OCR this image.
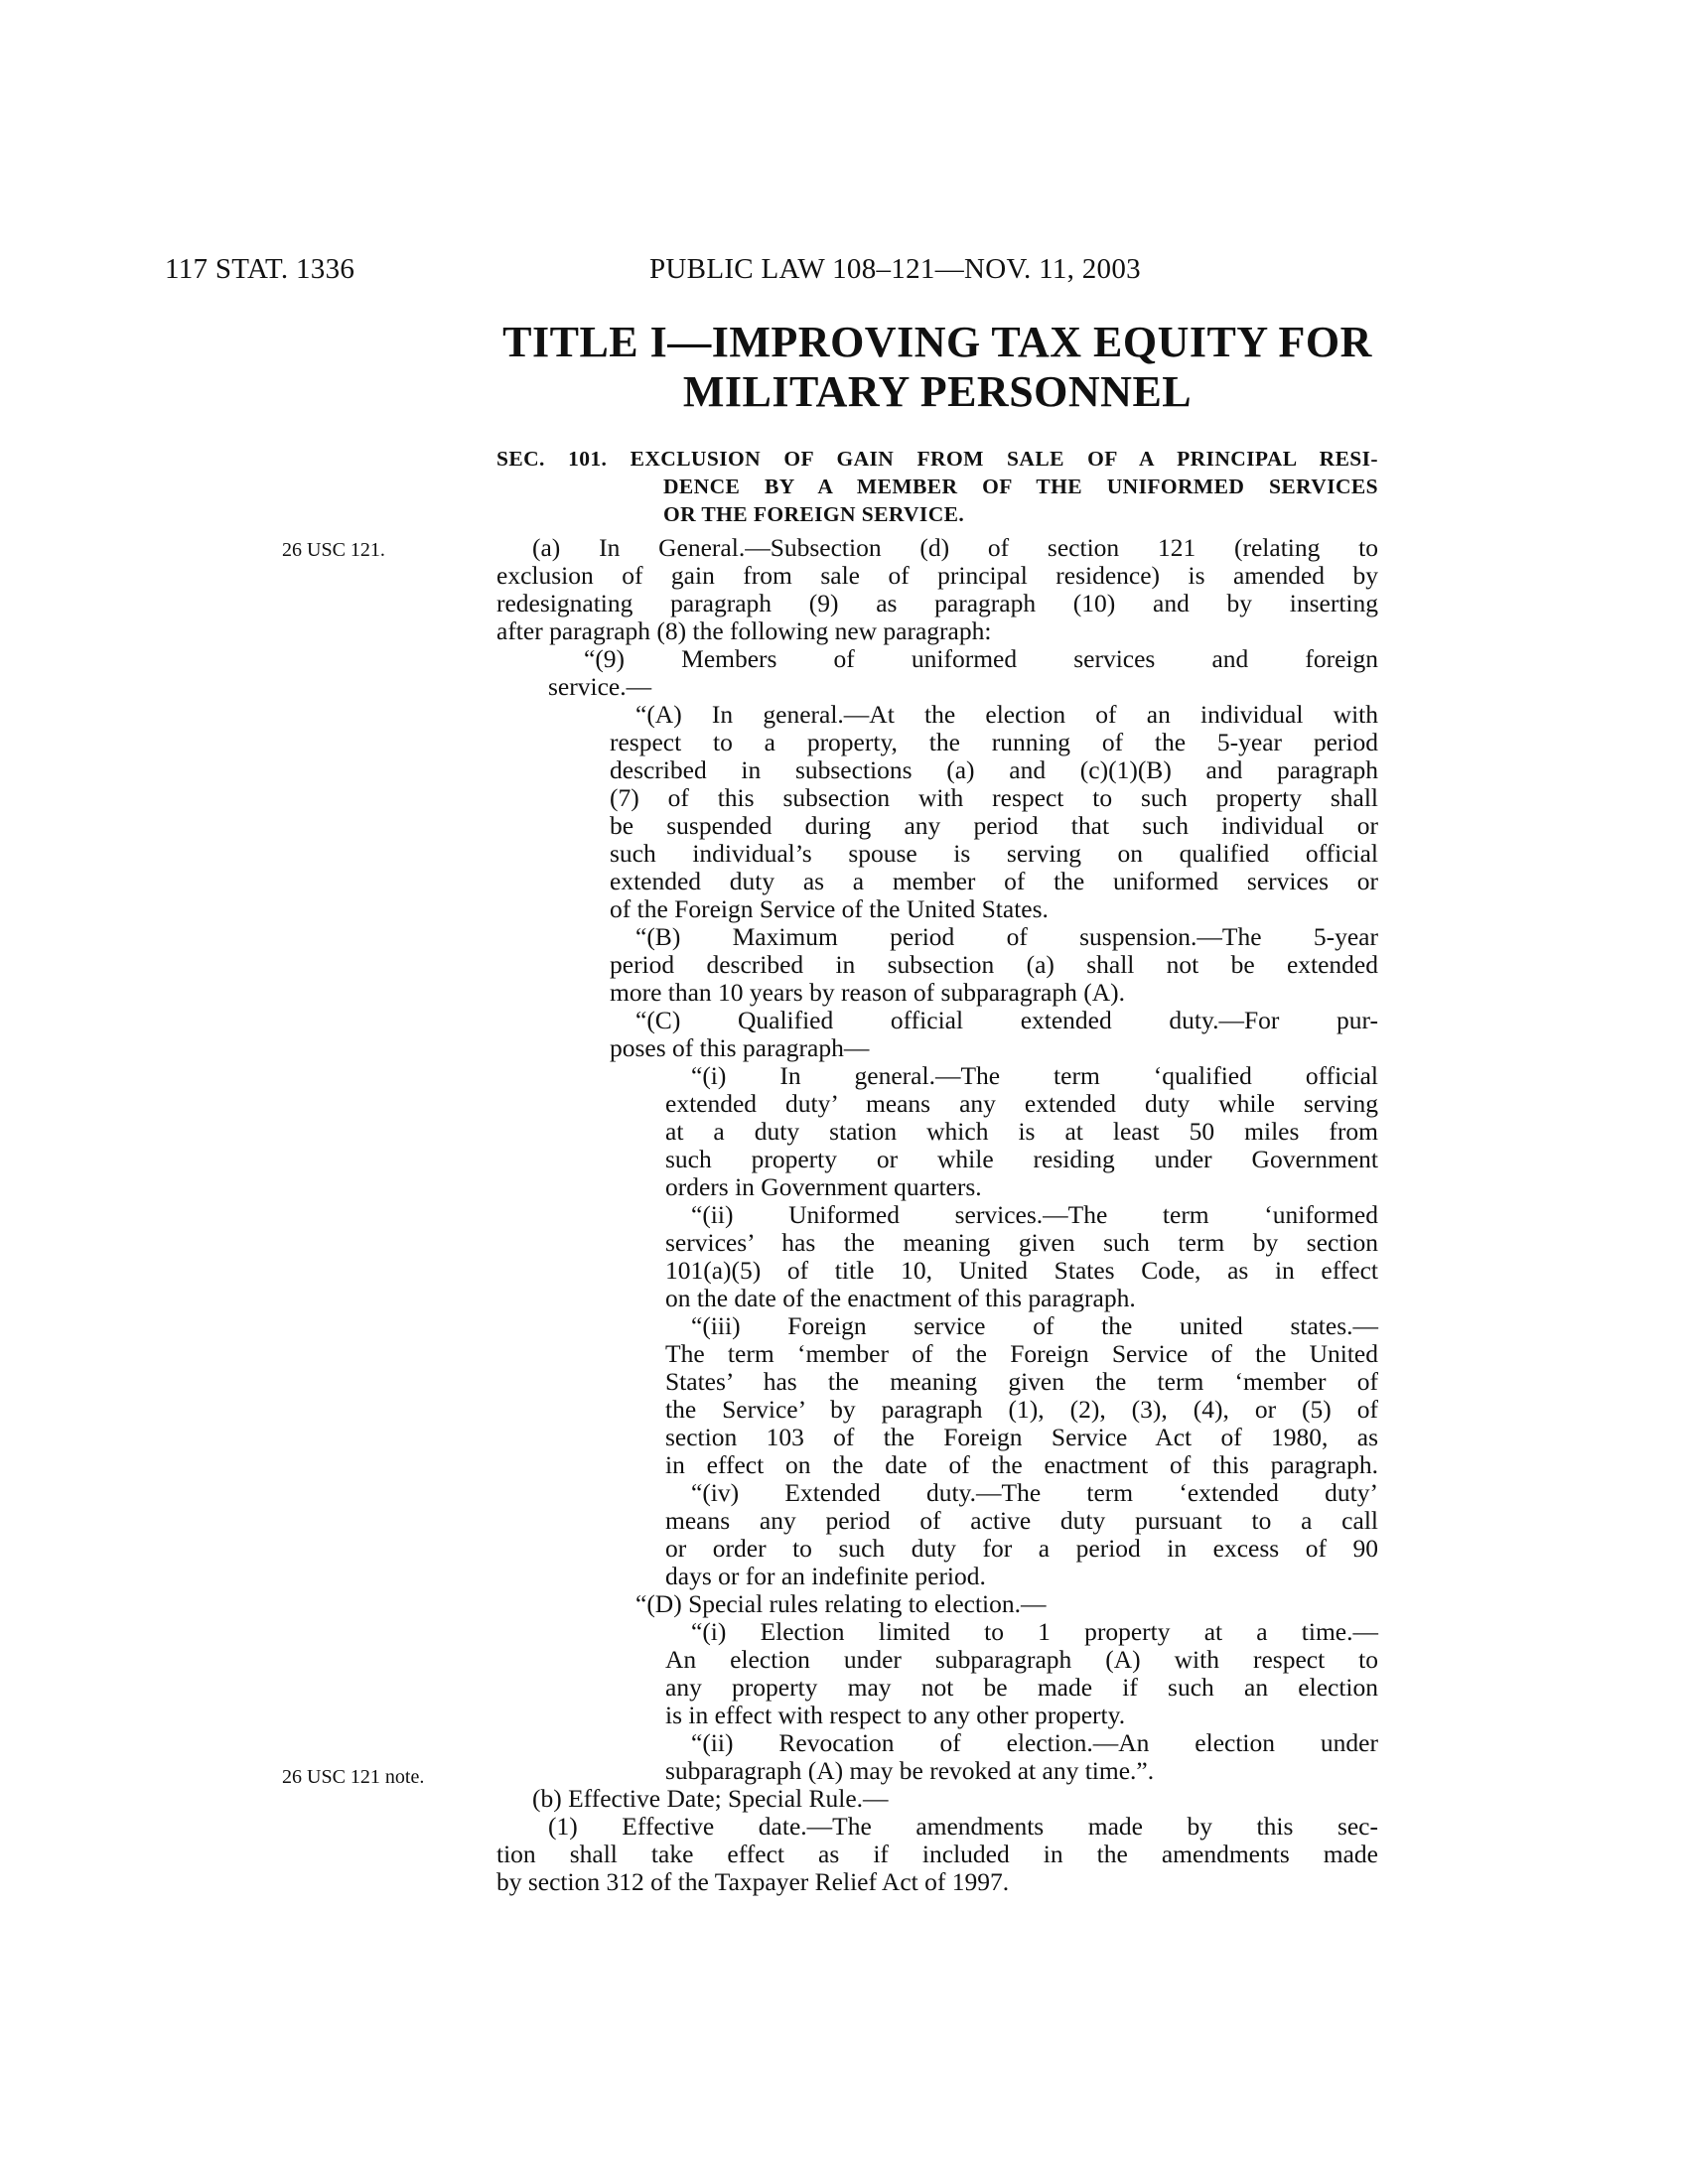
117 STAT. 1336	PUBLIC LAW 108–121—NOV. 11, 2003
TITLE I—IMPROVING TAX EQUITY FOR
MILITARY PERSONNEL
SEC. 101. EXCLUSION OF GAIN FROM SALE OF A PRINCIPAL RESI-
DENCE BY A MEMBER OF THE UNIFORMED SERVICES
OR THE FOREIGN SERVICE.
26 USC 121.
26 USC 121 note.
(a) In General.—Subsection (d) of section 121 (relating to
exclusion of gain from sale of principal residence) is amended by
redesignating paragraph (9) as paragraph (10) and by inserting
after paragraph (8) the following new paragraph:
“(9) Members of uniformed services and foreign
service.—
“(A) In general.—At the election of an individual with
respect to a property, the running of the 5-year period
described in subsections (a) and (c)(1)(B) and paragraph
(7) of this subsection with respect to such property shall
be suspended during any period that such individual or
such individual’s spouse is serving on qualified official
extended duty as a member of the uniformed services or
of the Foreign Service of the United States.
“(B) Maximum period of suspension.—The 5-year
period described in subsection (a) shall not be extended
more than 10 years by reason of subparagraph (A).
“(C) Qualified official extended duty.—For pur-
poses of this paragraph—
“(i) In general.—The term ‘qualified official
extended duty’ means any extended duty while serving
at a duty station which is at least 50 miles from
such property or while residing under Government
orders in Government quarters.
“(ii) Uniformed services.—The term ‘uniformed
services’ has the meaning given such term by section
101(a)(5) of title 10, United States Code, as in effect
on the date of the enactment of this paragraph.
“(iii) Foreign service of the united states.—
The term ‘member of the Foreign Service of the United
States’ has the meaning given the term ‘member of
the Service’ by paragraph (1), (2), (3), (4), or (5) of
section 103 of the Foreign Service Act of 1980, as
in effect on the date of the enactment of this paragraph.
“(iv) Extended duty.—The term ‘extended duty’
means any period of active duty pursuant to a call
or order to such duty for a period in excess of 90
days or for an indefinite period.
“(D) Special rules relating to election.—
“(i) Election limited to 1 property at a time.—
An election under subparagraph (A) with respect to
any property may not be made if such an election
is in effect with respect to any other property.
“(ii) Revocation of election.—An election under
subparagraph (A) may be revoked at any time.”.
(b) Effective Date; Special Rule.—
(1) Effective date.—The amendments made by this sec-
tion shall take effect as if included in the amendments made
by section 312 of the Taxpayer Relief Act of 1997.
